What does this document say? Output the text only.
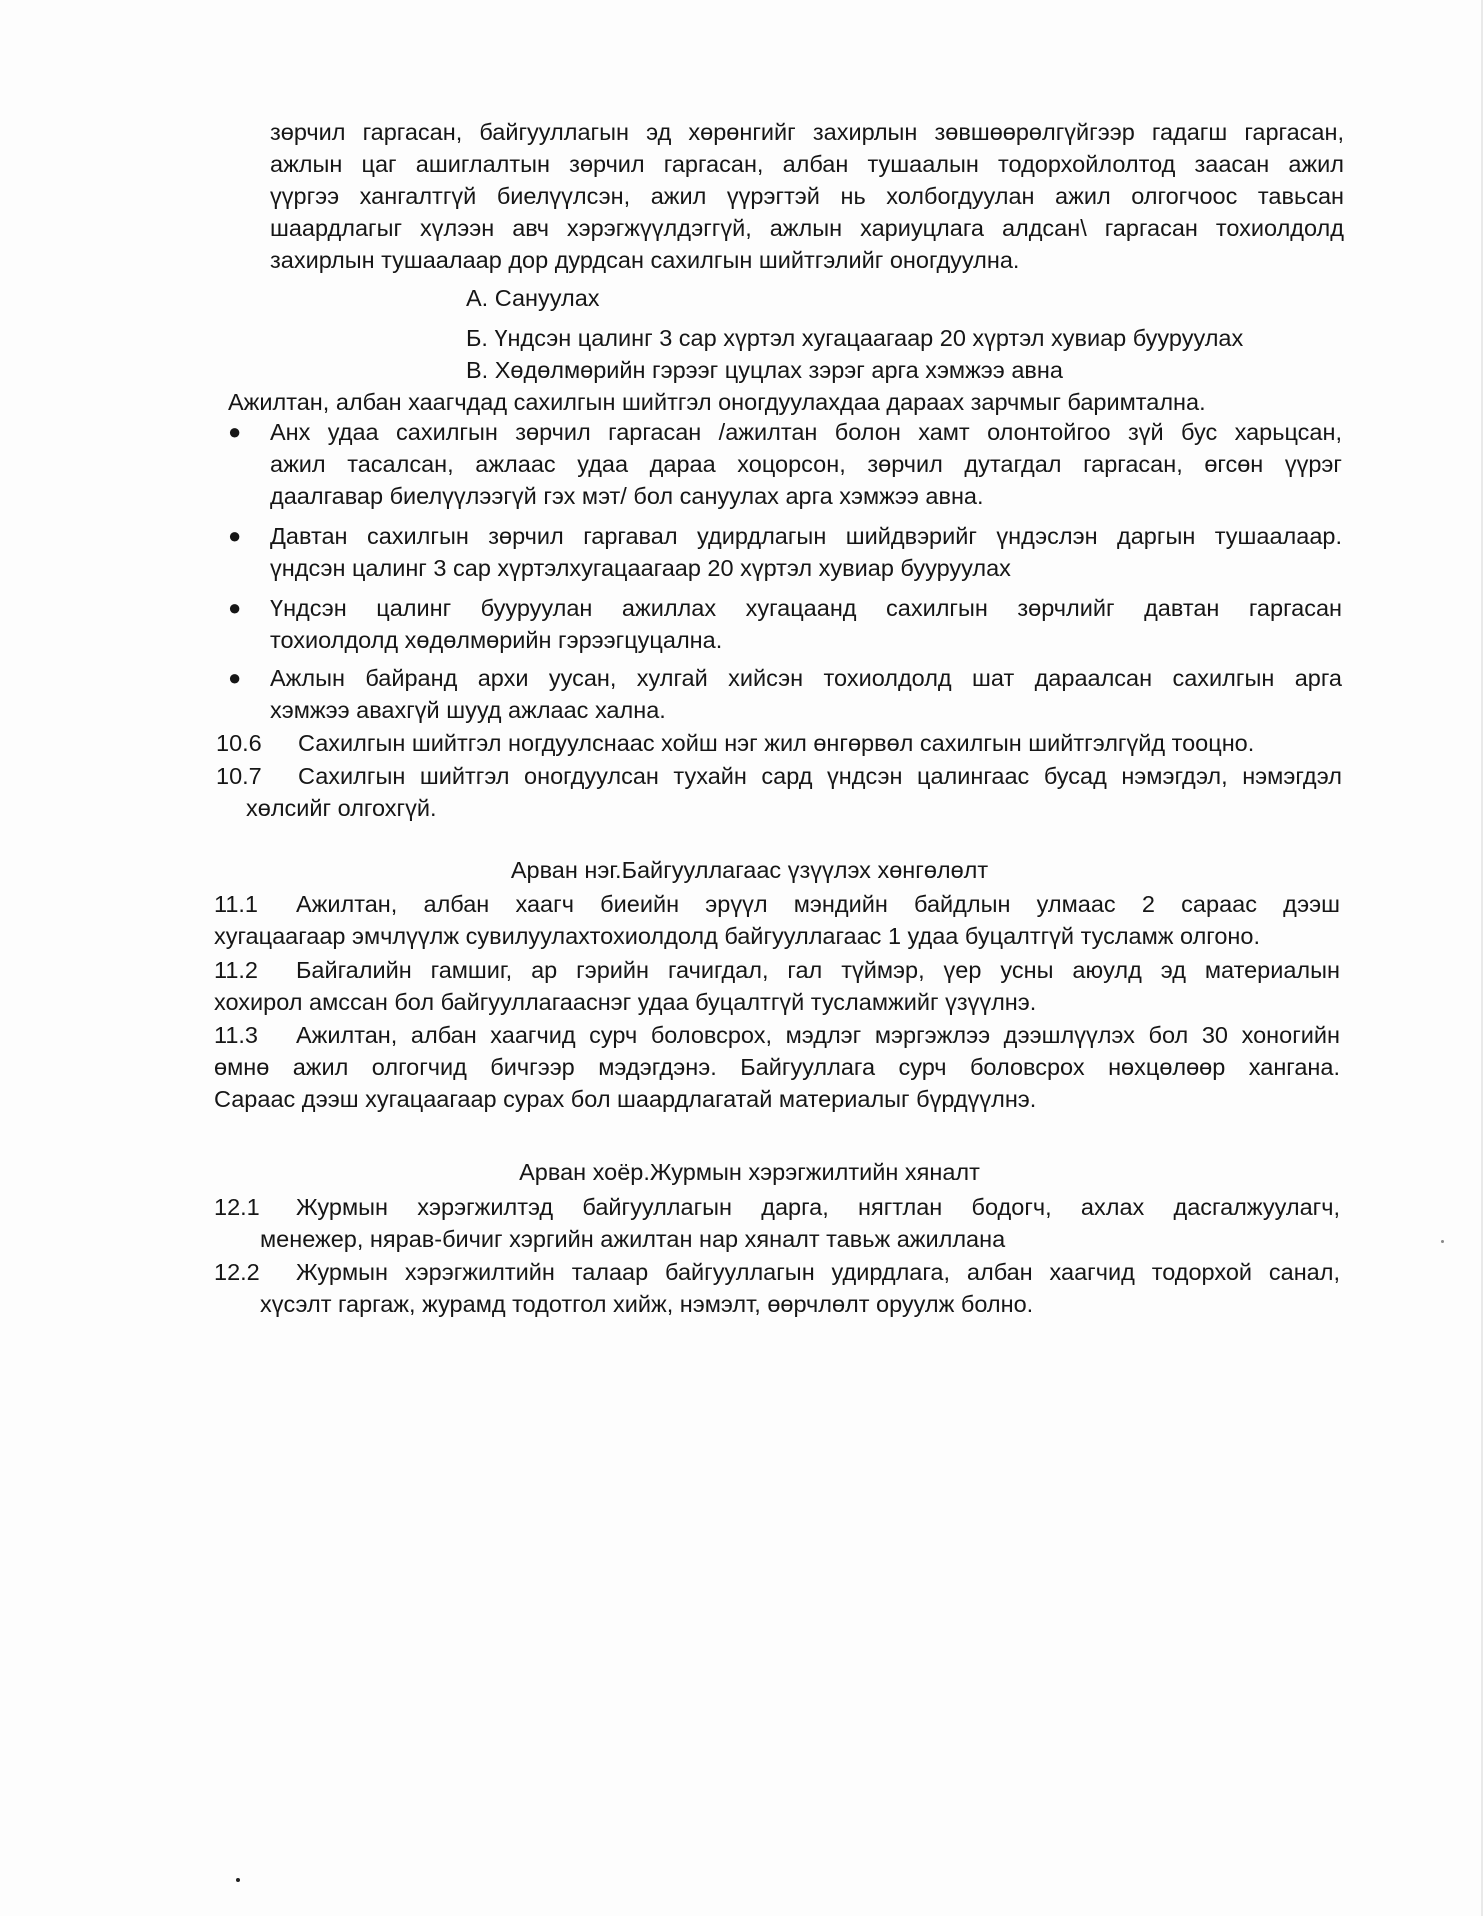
зөрчил гаргасан, байгууллагын эд хөрөнгийг захирлын зөвшөөрөлгүйгээр гадагш гаргасан,
ажлын цаг ашиглалтын зөрчил гаргасан, албан тушаалын тодорхойлолтод заасан ажил
үүргээ хангалтгүй биелүүлсэн, ажил үүрэгтэй нь холбогдуулан ажил олгогчоос тавьсан
шаардлагыг хүлээн авч хэрэгжүүлдэггүй, ажлын хариуцлага алдсан\ гаргасан тохиолдолд
захирлын тушаалаар дор дурдсан сахилгын шийтгэлийг оногдуулна.
А. Сануулах
Б. Үндсэн цалинг 3 сар хүртэл хугацаагаар 20 хүртэл хувиар бууруулах
В. Хөдөлмөрийн гэрээг цуцлах зэрэг арга хэмжээ авна
Ажилтан, албан хаагчдад сахилгын шийтгэл оногдуулахдаа дараах зарчмыг баримтална.
● Анх удаа сахилгын зөрчил гаргасан /ажилтан болон хамт олонтойгоо зүй бус харьцсан,
ажил тасалсан, ажлаас удаа дараа хоцорсон, зөрчил дутагдал гаргасан, өгсөн үүрэг
даалгавар биелүүлээгүй гэх мэт/ бол сануулах арга хэмжээ авна.
● Давтан сахилгын зөрчил гаргавал удирдлагын шийдвэрийг үндэслэн даргын тушаалаар.
үндсэн цалинг 3 сар хүртэлхугацаагаар 20 хүртэл хувиар бууруулах
● Үндсэн цалинг бууруулан ажиллах хугацаанд сахилгын зөрчлийг давтан гаргасан
тохиолдолд хөдөлмөрийн гэрээгцуцална.
● Ажлын байранд архи уусан, хулгай хийсэн тохиолдолд шат дараалсан сахилгын арга
хэмжээ авахгүй шууд ажлаас хална.
10.6	Сахилгын шийтгэл ногдуулснаас хойш нэг жил өнгөрвөл сахилгын шийтгэлгүйд тооцно.
10.7	Сахилгын шийтгэл оногдуулсан тухайн сард үндсэн цалингаас бусад нэмэгдэл, нэмэгдэл
хөлсийг олгохгүй.
Арван нэг.Байгууллагаас үзүүлэх хөнгөлөлт
11.1	Ажилтан, албан хаагч биеийн эрүүл мэндийн байдлын улмаас 2 сараас дээш
хугацаагаар эмчлүүлж сувилуулахтохиолдолд байгууллагаас 1 удаа буцалтгүй тусламж олгоно.
11.2	Байгалийн гамшиг, ар гэрийн гачигдал, гал түймэр, үер усны аюулд эд материалын
хохирол амссан бол байгууллагааснэг удаа буцалтгүй тусламжийг үзүүлнэ.
11.3	Ажилтан, албан хаагчид сурч боловсрох, мэдлэг мэргэжлээ дээшлүүлэх бол 30 хоногийн
өмнө ажил олгогчид бичгээр мэдэгдэнэ. Байгууллага сурч боловсрох нөхцөлөөр хангана.
Сараас дээш хугацаагаар сурах бол шаардлагатай материалыг бүрдүүлнэ.
Арван хоёр.Журмын хэрэгжилтийн хяналт
12.1	Журмын хэрэгжилтэд байгууллагын дарга, нягтлан бодогч, ахлах дасгалжуулагч,
менежер, нярав-бичиг хэргийн ажилтан нар хяналт тавьж ажиллана
12.2	Журмын хэрэгжилтийн талаар байгууллагын удирдлага, албан хаагчид тодорхой санал,
хүсэлт гаргаж, журамд тодотгол хийж, нэмэлт, өөрчлөлт оруулж болно.
